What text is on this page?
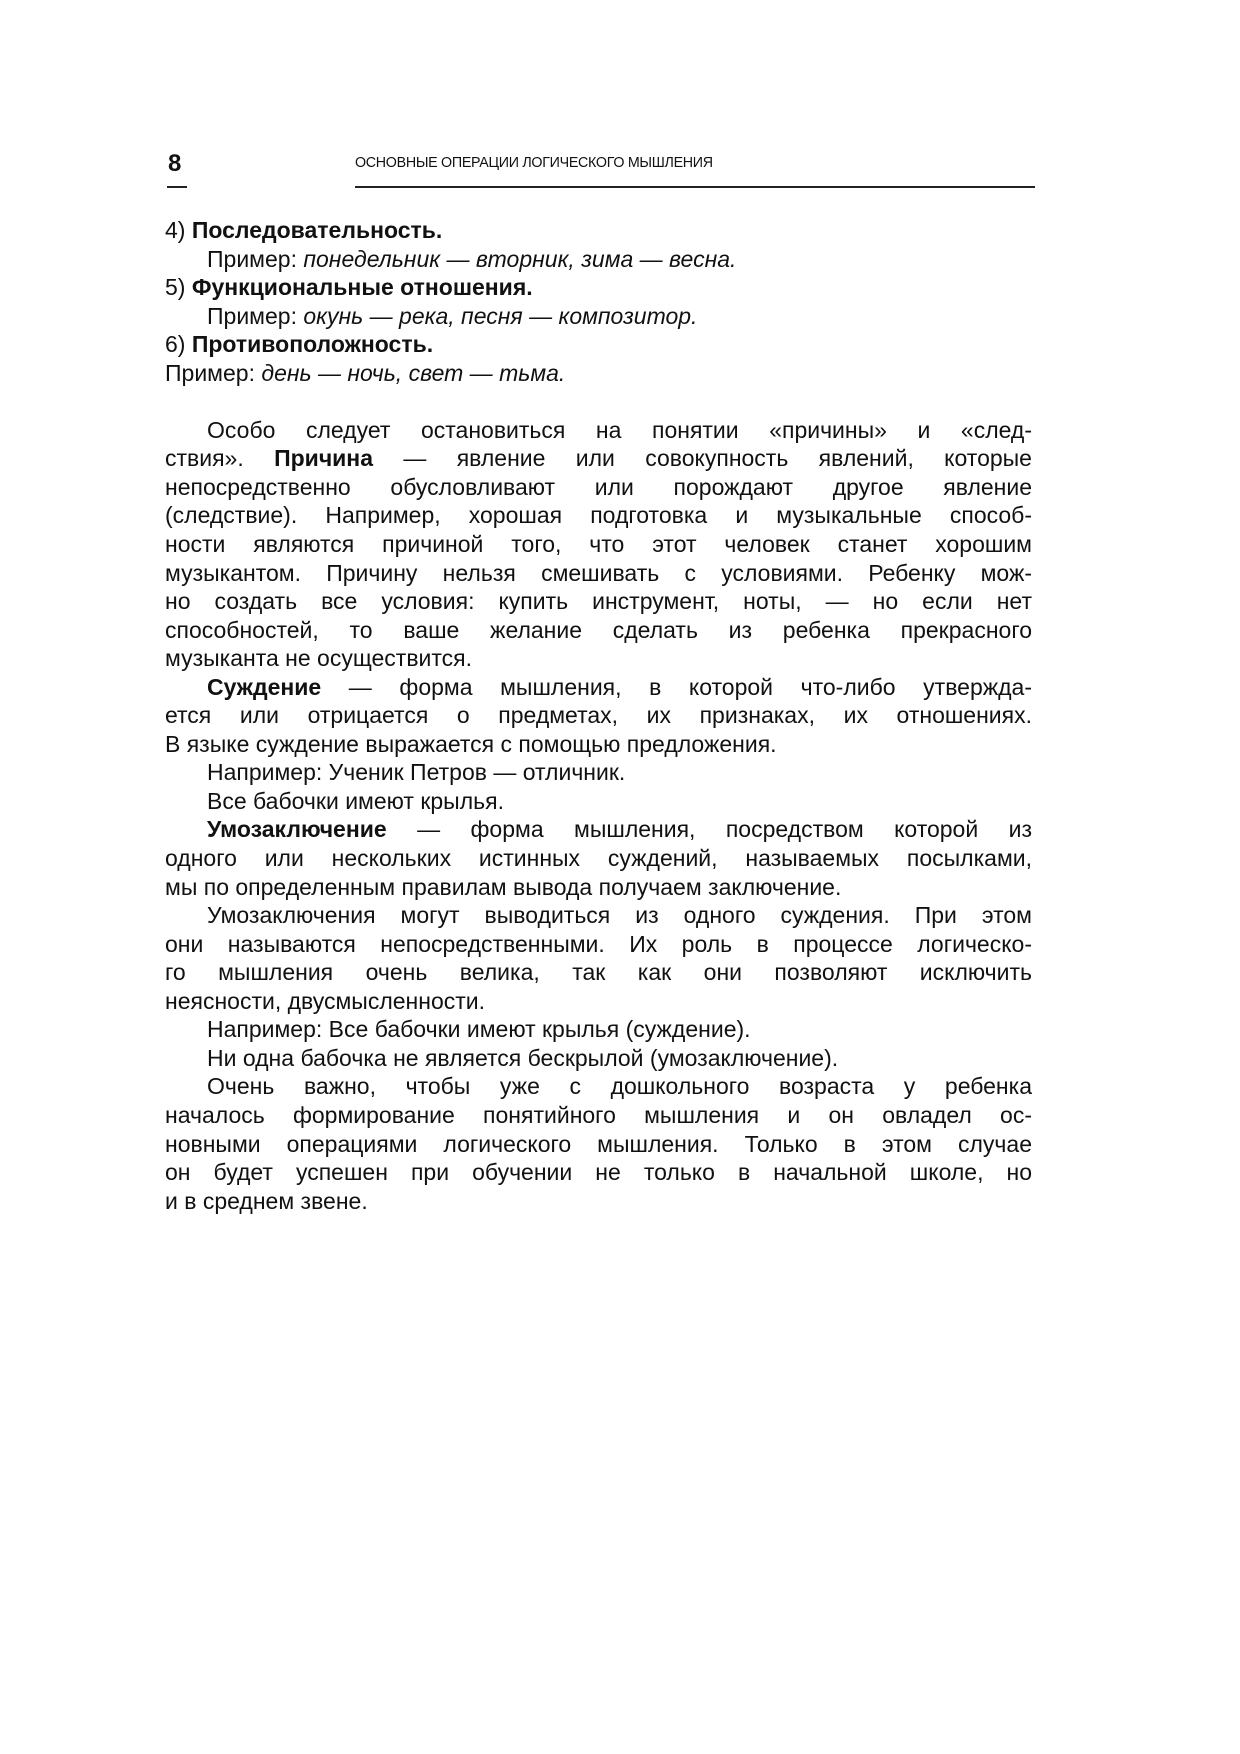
8	ОСНОВНЫЕ ОПЕРАЦИИ ЛОГИЧЕСКОГО МЫШЛЕНИЯ
4) Последовательность.
Пример: понедельник — вторник, зима — весна.
5) Функциональные отношения.
Пример: окунь — река, песня — композитор.
6) Противоположность.
Пример: день — ночь, свет — тьма.
Особо следует остановиться на понятии «причины» и «след-
ствия». Причина — явление или совокупность явлений, которые
непосредственно обусловливают или порождают другое явление
(следствие). Например, хорошая подготовка и музыкальные способ-
ности являются причиной того, что этот человек станет хорошим
музыкантом. Причину нельзя смешивать с условиями. Ребенку мож-
но создать все условия: купить инструмент, ноты, — но если нет
способностей, то ваше желание сделать из ребенка прекрасного
музыканта не осуществится.
Суждение — форма мышления, в которой что-либо утвержда-
ется или отрицается о предметах, их признаках, их отношениях.
В языке суждение выражается с помощью предложения.
Например: Ученик Петров — отличник.
Все бабочки имеют крылья.
Умозаключение — форма мышления, посредством которой из
одного или нескольких истинных суждений, называемых посылками,
мы по определенным правилам вывода получаем заключение.
Умозаключения могут выводиться из одного суждения. При этом
они называются непосредственными. Их роль в процессе логическо-
го мышления очень велика, так как они позволяют исключить
неясности, двусмысленности.
Например: Все бабочки имеют крылья (суждение).
Ни одна бабочка не является бескрылой (умозаключение).
Очень важно, чтобы уже с дошкольного возраста у ребенка
началось формирование понятийного мышления и он овладел ос-
новными операциями логического мышления. Только в этом случае
он будет успешен при обучении не только в начальной школе, но
и в среднем звене.
